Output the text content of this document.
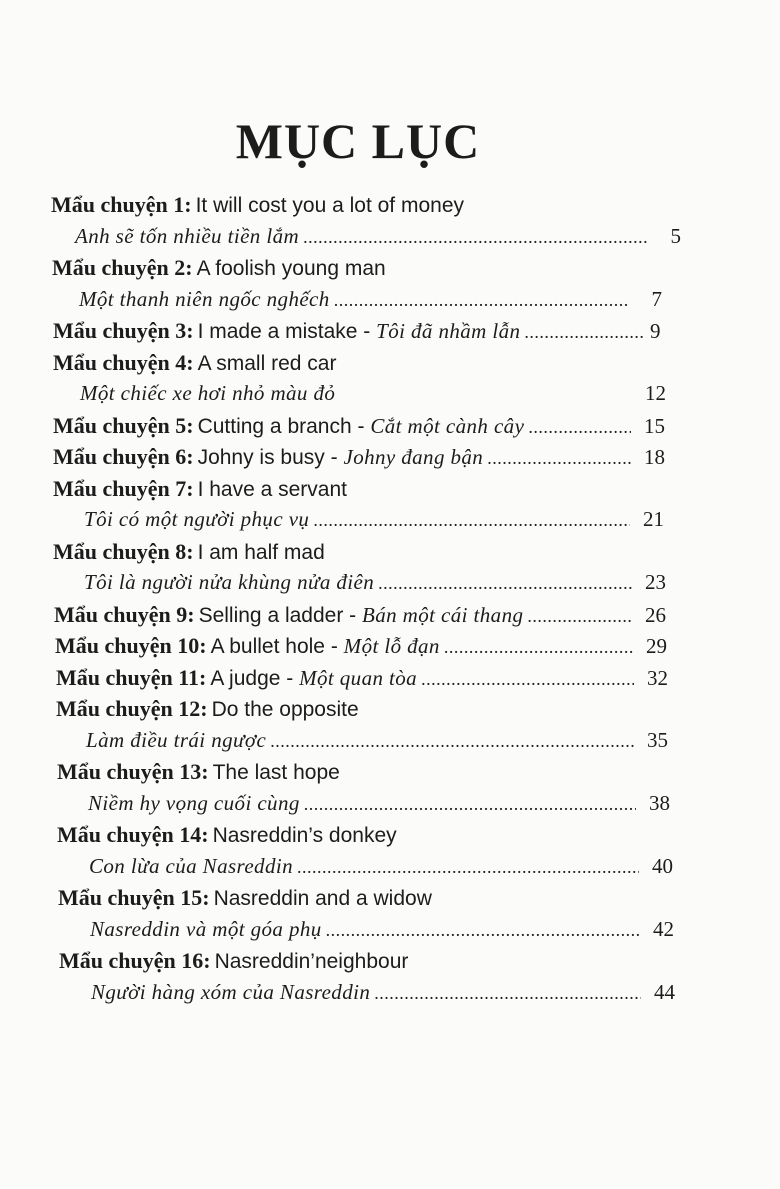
MỤC LỤC
Mẩu chuyện 1:
It will cost you a lot of money
Anh sẽ tốn nhiều tiền lắm .....	5
Mẩu chuyện 2:
A foolish young man
Một thanh niên ngốc nghếch .....	7
Mẩu chuyện 3:
I made a mistake - Tôi đã nhầm lẫn .....	9
Mẩu chuyện 4:
A small red car
Một chiếc xe hơi nhỏ màu đỏ	12
Mẩu chuyện 5:
Cutting a branch - Cắt một cành cây .....	15
Mẩu chuyện 6:
Johny is busy - Johny đang bận .....	18
Mẩu chuyện 7:
I have a servant
Tôi có một người phục vụ .....	21
Mẩu chuyện 8:
I am half mad
Tôi là người nửa khùng nửa điên .....	23
Mẩu chuyện 9:
Selling a ladder - Bán một cái thang .....	26
Mẩu chuyện 10:
A bullet hole - Một lỗ đạn .....	29
Mẩu chuyện 11:
A judge - Một quan tòa .....	32
Mẩu chuyện 12:
Do the opposite
Làm điều trái ngược .....	35
Mẩu chuyện 13:
The last hope
Niềm hy vọng cuối cùng .....	38
Mẩu chuyện 14:
Nasreddin’s donkey
Con lừa của Nasreddin .....	40
Mẩu chuyện 15:
Nasreddin and a widow
Nasreddin và một góa phụ .....	42
Mẩu chuyện 16:
Nasreddin’neighbour
Người hàng xóm của Nasreddin .....	44
